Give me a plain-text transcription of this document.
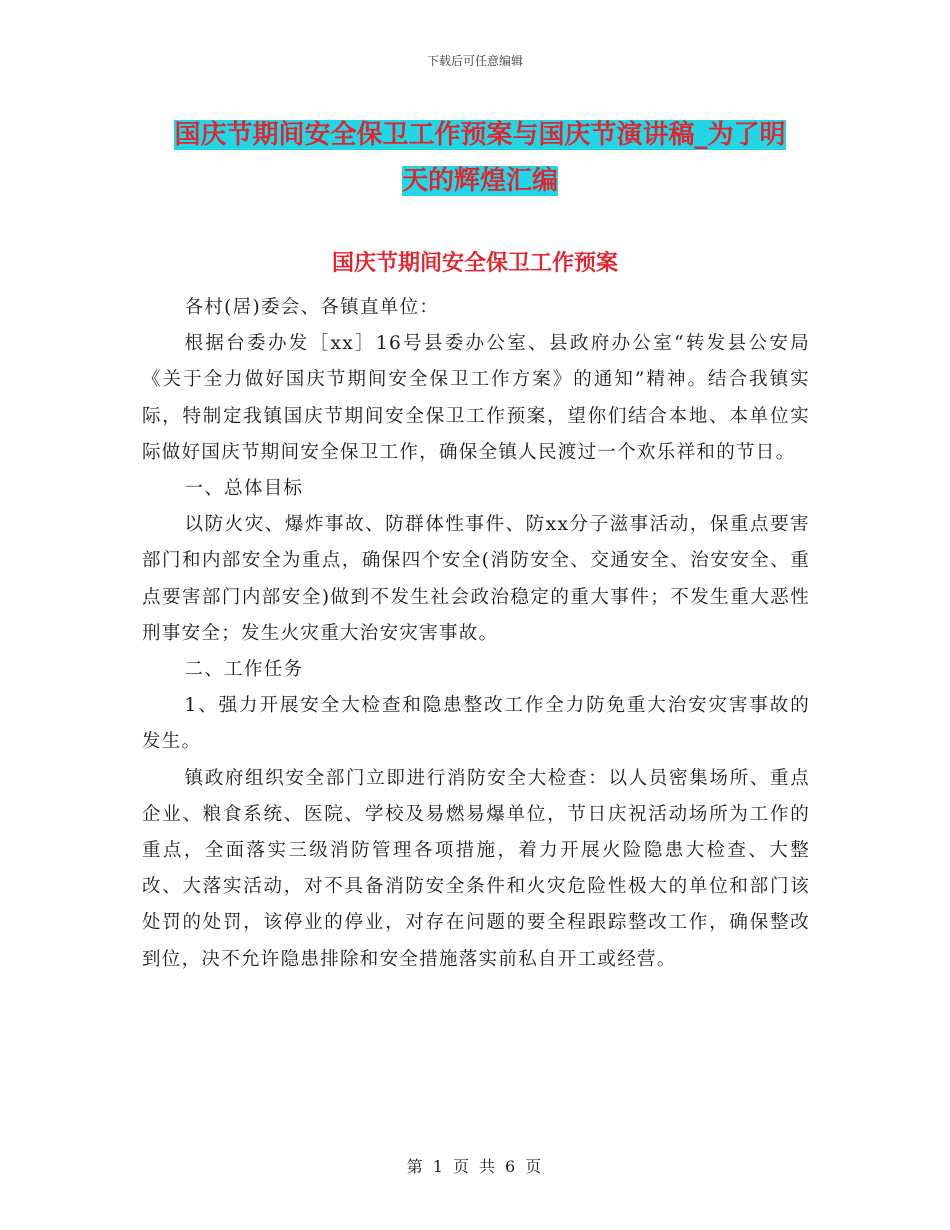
下载后可任意编辑
国庆节期间安全保卫工作预案与国庆节演讲稿_为了明
天的辉煌汇编
国庆节期间安全保卫工作预案

各村(居)委会、各镇直单位：

根据台委办发［xx］16号县委办公室、县政府办公室“转发县公安局《关于全力做好国庆节期间安全保卫工作方案》的通知”精神。结合我镇实际，特制定我镇国庆节期间安全保卫工作预案，望你们结合本地、本单位实际做好国庆节期间安全保卫工作，确保全镇人民渡过一个欢乐祥和的节日。

一、总体目标

以防火灾、爆炸事故、防群体性事件、防xx分子滋事活动，保重点要害部门和内部安全为重点，确保四个安全(消防安全、交通安全、治安安全、重点要害部门内部安全)做到不发生社会政治稳定的重大事件；不发生重大恶性刑事安全；发生火灾重大治安灾害事故。

二、工作任务

1、强力开展安全大检查和隐患整改工作全力防免重大治安灾害事故的发生。

镇政府组织安全部门立即进行消防安全大检查：以人员密集场所、重点企业、粮食系统、医院、学校及易燃易爆单位，节日庆祝活动场所为工作的重点，全面落实三级消防管理各项措施，着力开展火险隐患大检查、大整改、大落实活动，对不具备消防安全条件和火灾危险性极大的单位和部门该处罚的处罚，该停业的停业，对存在问题的要全程跟踪整改工作，确保整改到位，决不允许隐患排除和安全措施落实前私自开工或经营。

第 1 页 共 6 页
